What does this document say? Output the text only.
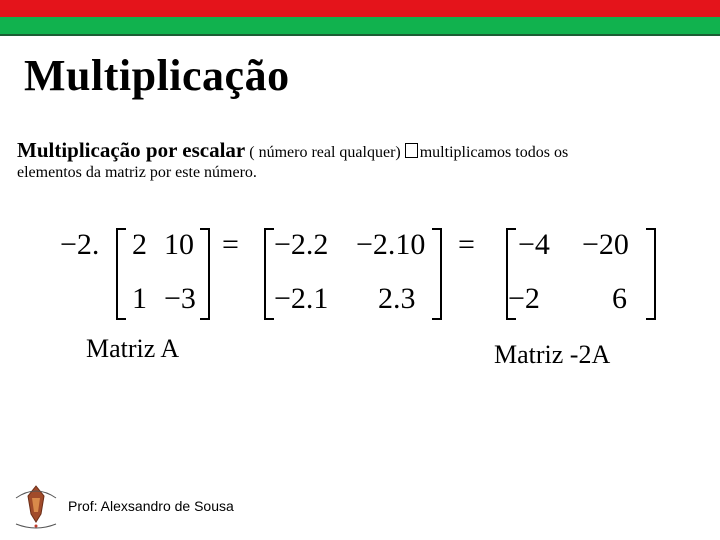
Multiplicação
Multiplicação por escalar ( número real qualquer) multiplicamos todos os
elementos da matriz por este número.
−2. 2 10
1 −3
= −2.2 −2.10
−2.1 2.3
= −4 −20
−2 6
Matriz A	Matriz -2A
Prof: Alexsandro de Sousa
